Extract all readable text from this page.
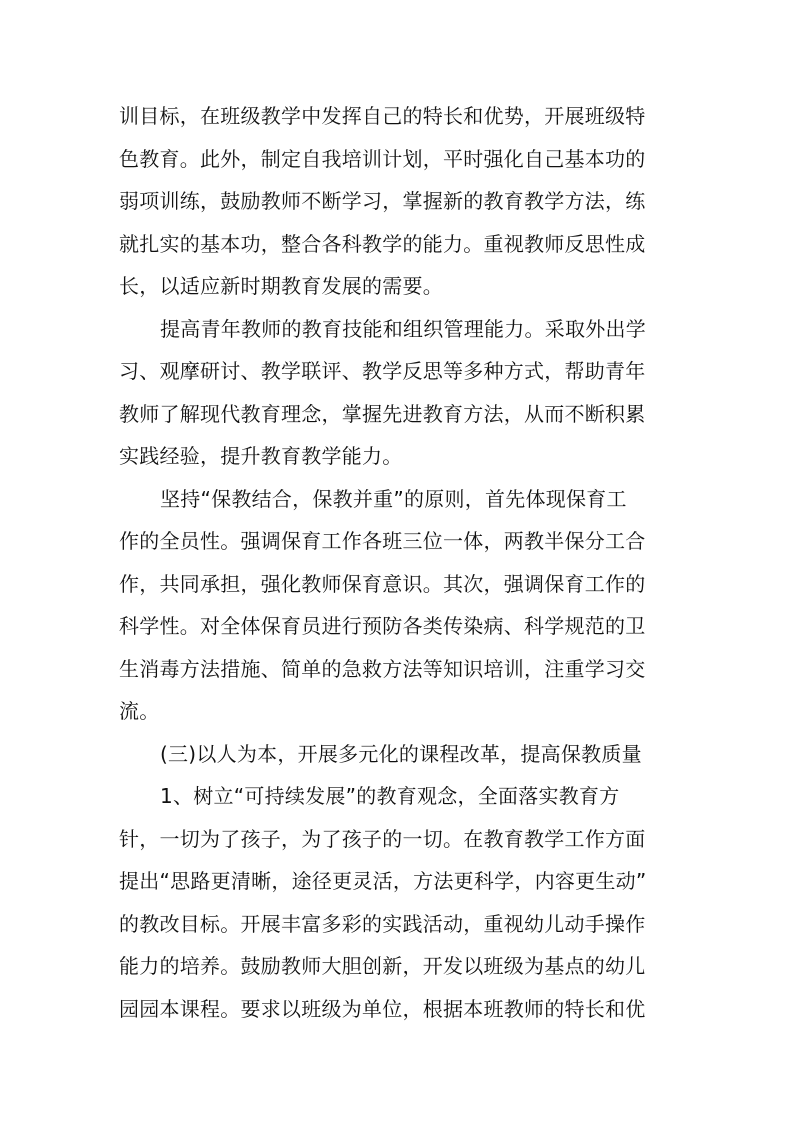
训目标，在班级教学中发挥自己的特长和优势，开展班级特
色教育。此外，制定自我培训计划，平时强化自己基本功的
弱项训练，鼓励教师不断学习，掌握新的教育教学方法，练
就扎实的基本功，整合各科教学的能力。重视教师反思性成
长，以适应新时期教育发展的需要。
提高青年教师的教育技能和组织管理能力。采取外出学
习、观摩研讨、教学联评、教学反思等多种方式，帮助青年
教师了解现代教育理念，掌握先进教育方法，从而不断积累
实践经验，提升教育教学能力。
坚持“保教结合，保教并重”的原则，首先体现保育工
作的全员性。强调保育工作各班三位一体，两教半保分工合
作，共同承担，强化教师保育意识。其次，强调保育工作的
科学性。对全体保育员进行预防各类传染病、科学规范的卫
生消毒方法措施、简单的急救方法等知识培训，注重学习交
流。
(三)以人为本，开展多元化的课程改革，提高保教质量
1、树立“可持续发展”的教育观念，全面落实教育方
针，一切为了孩子，为了孩子的一切。在教育教学工作方面
提出“思路更清晰，途径更灵活，方法更科学，内容更生动”
的教改目标。开展丰富多彩的实践活动，重视幼儿动手操作
能力的培养。鼓励教师大胆创新，开发以班级为基点的幼儿
园园本课程。要求以班级为单位，根据本班教师的特长和优
